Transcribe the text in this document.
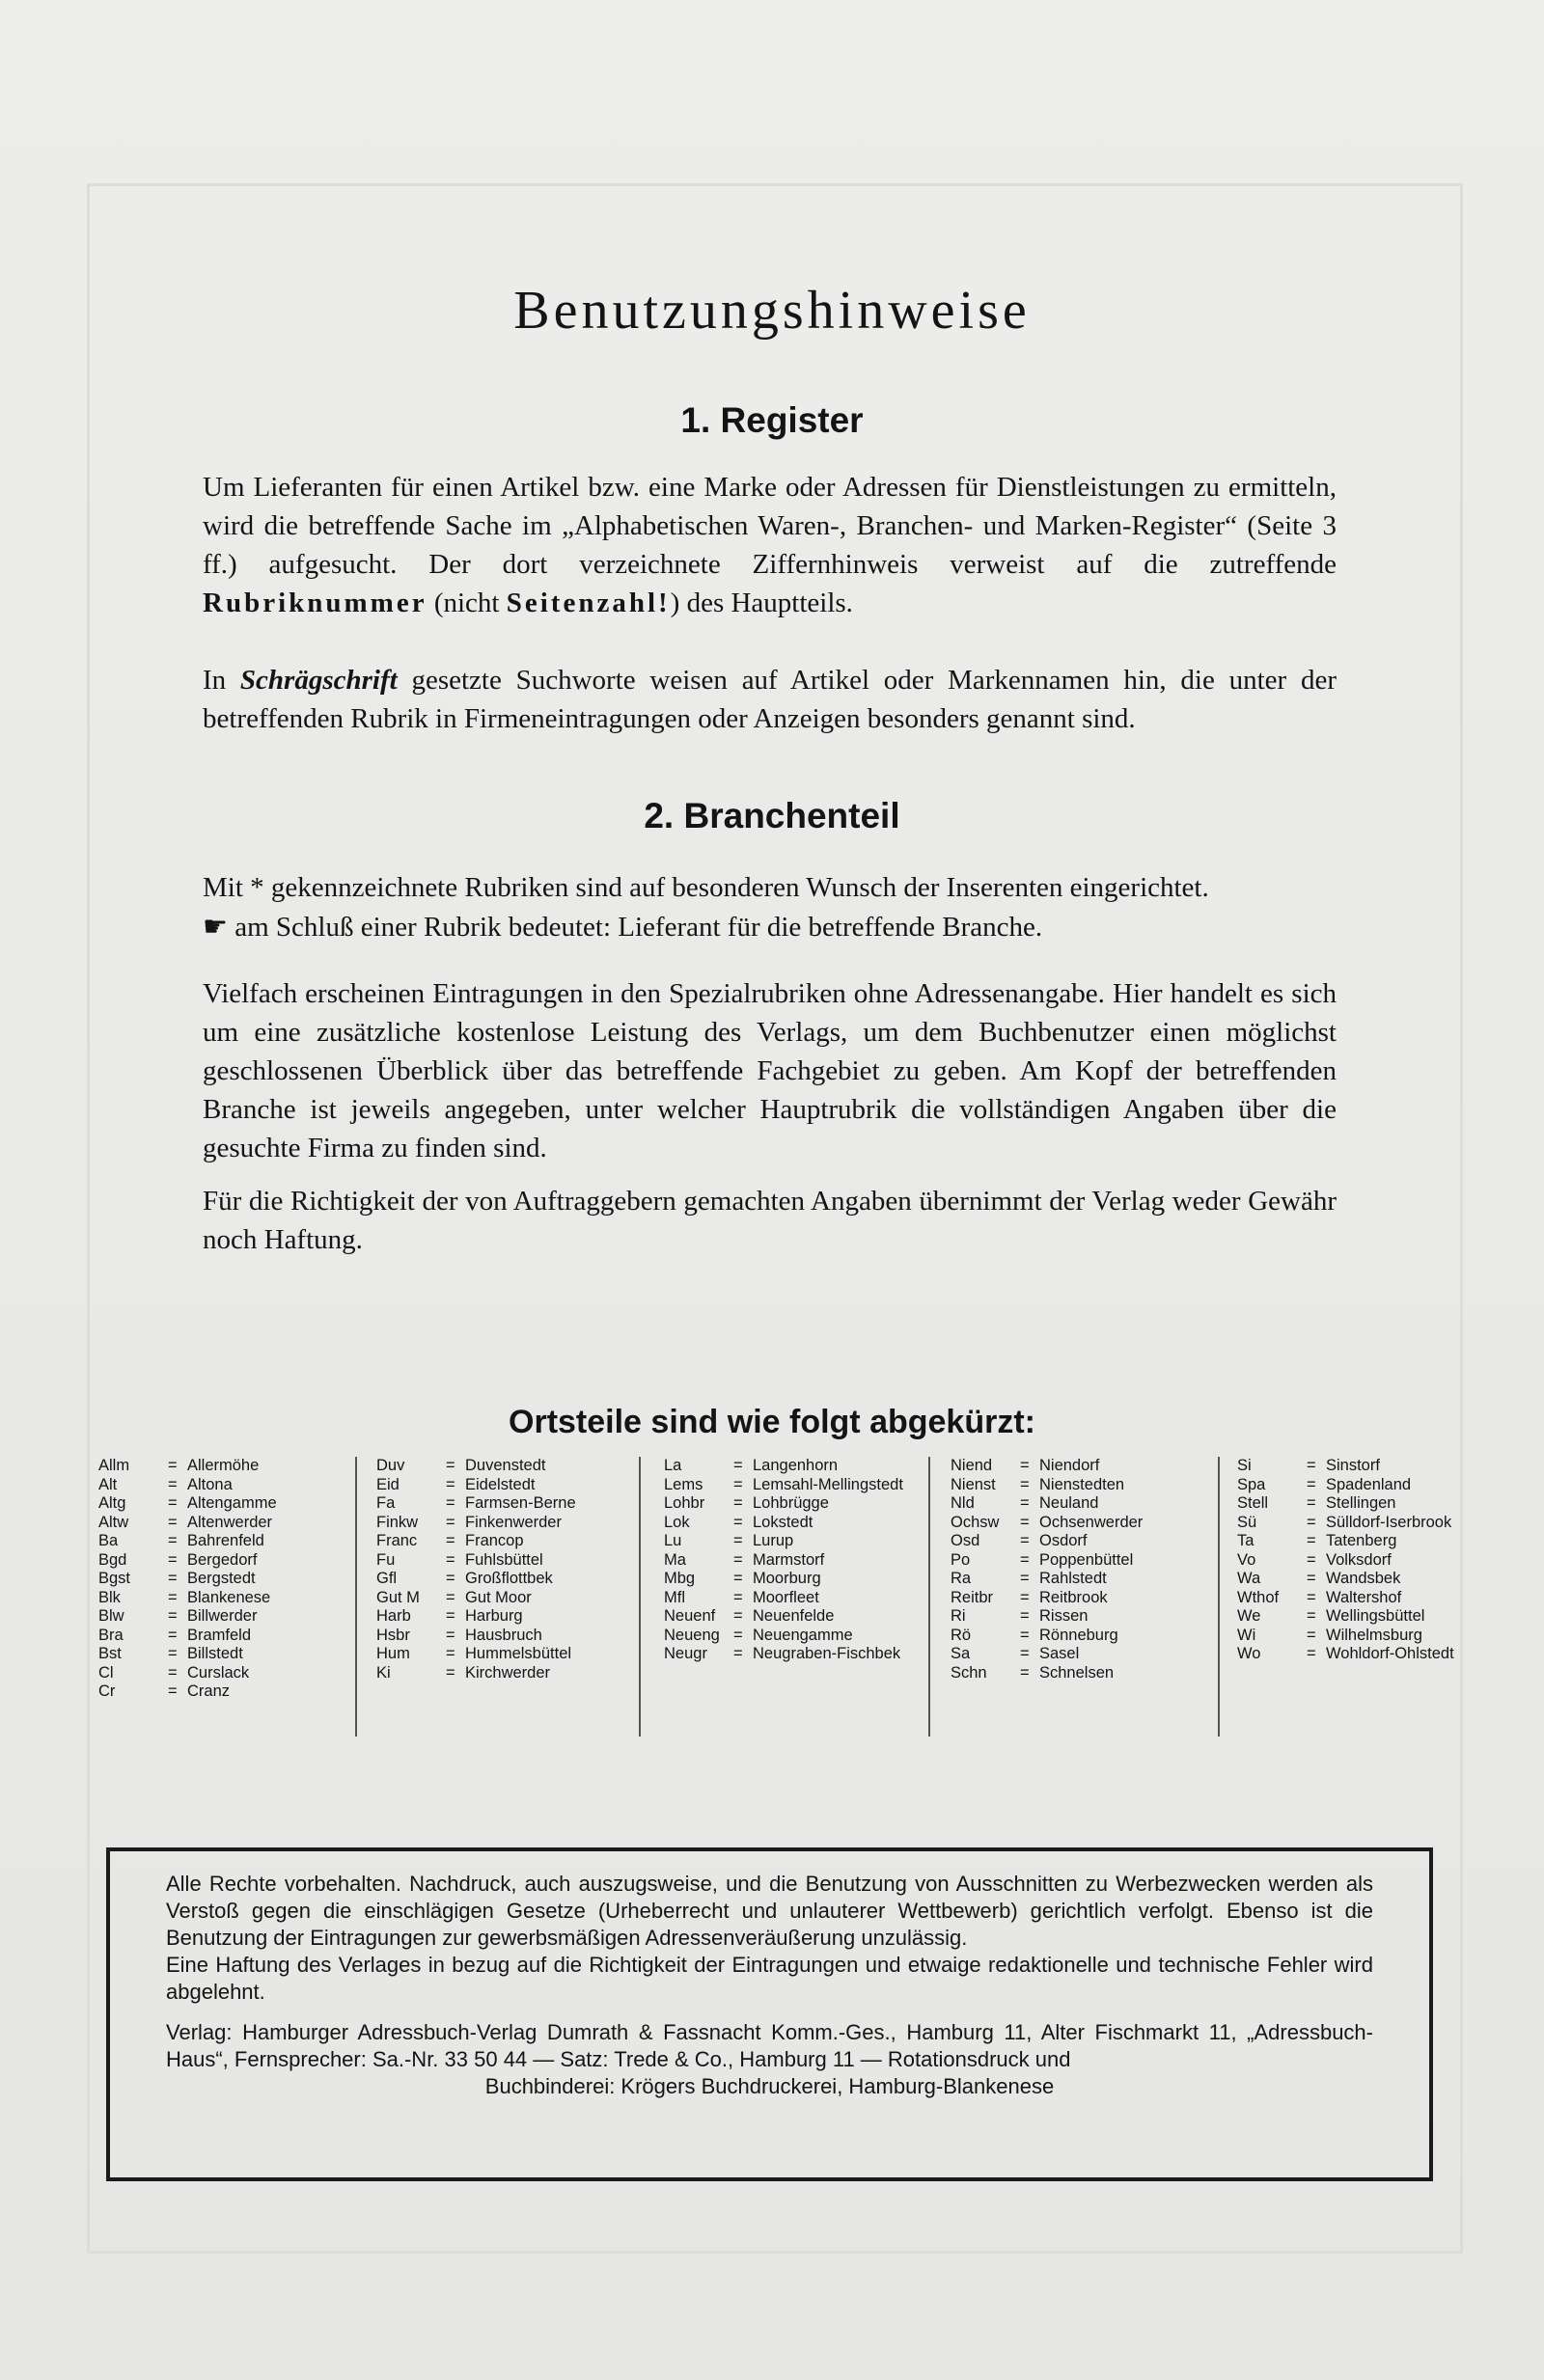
Benutzungshinweise
1. Register

Um Lieferanten für einen Artikel bzw. eine Marke oder Adressen für Dienstleistungen zu ermitteln, wird die betreffende Sache im „Alphabetischen Waren-, Branchen- und Marken-Register“ (Seite 3 ff.) aufgesucht. Der dort verzeichnete Ziffernhinweis verweist auf die zutreffende Rubriknummer (nicht Seitenzahl!) des Hauptteils.

In Schrägschrift gesetzte Suchworte weisen auf Artikel oder Markennamen hin, die unter der betreffenden Rubrik in Firmeneintragungen oder Anzeigen besonders genannt sind.

2. Branchenteil

Mit * gekennzeichnete Rubriken sind auf besonderen Wunsch der Inserenten eingerichtet.
☛ am Schluß einer Rubrik bedeutet: Lieferant für die betreffende Branche.

Vielfach erscheinen Eintragungen in den Spezialrubriken ohne Adressenangabe. Hier handelt es sich um eine zusätzliche kostenlose Leistung des Verlags, um dem Buchbenutzer einen möglichst geschlossenen Überblick über das betreffende Fachgebiet zu geben. Am Kopf der betreffenden Branche ist jeweils angegeben, unter welcher Hauptrubrik die vollständigen Angaben über die gesuchte Firma zu finden sind.

Für die Richtigkeit der von Auftraggebern gemachten Angaben übernimmt der Verlag weder Gewähr noch Haftung.

Ortsteile sind wie folgt abgekürzt:
Allm	= Allermöhe
Alt	= Altona
Altg	= Altengamme
Altw	= Altenwerder
Ba	= Bahrenfeld
Bgd	= Bergedorf
Bgst	= Bergstedt
Blk	= Blankenese
Blw	= Billwerder
Bra	= Bramfeld
Bst	= Billstedt
Cl	= Curslack
Cr	= Cranz
Duv	= Duvenstedt
Eid	= Eidelstedt
Fa	= Farmsen-Berne
Finkw	= Finkenwerder
Franc	= Francop
Fu	= Fuhlsbüttel
Gfl	= Großflottbek
Gut M	= Gut Moor
Harb	= Harburg
Hsbr	= Hausbruch
Hum	= Hummelsbüttel
Ki	= Kirchwerder
La	= Langenhorn
Lems	= Lemsahl-Mellingstedt
Lohbr	= Lohbrügge
Lok	= Lokstedt
Lu	= Lurup
Ma	= Marmstorf
Mbg	= Moorburg
Mfl	= Moorfleet
Neuenf	= Neuenfelde
Neueng = Neuengamme
Neugr	= Neugraben-Fischbek
Niend	= Niendorf
Nienst	= Nienstedten
Nld	= Neuland
Ochsw	= Ochsenwerder
Osd	= Osdorf
Po	= Poppenbüttel
Ra	= Rahlstedt
Reitbr	= Reitbrook
Ri	= Rissen
Rö	= Rönneburg
Sa	= Sasel
Schn	= Schnelsen
Si	= Sinstorf
Spa	= Spadenland
Stell	= Stellingen
Sü	= Sülldorf-Iserbrook
Ta	= Tatenberg
Vo	= Volksdorf
Wa	= Wandsbek
Wthof	= Waltershof
We	= Wellingsbüttel
Wi	= Wilhelmsburg
Wo	= Wohldorf-Ohlstedt

Alle Rechte vorbehalten. Nachdruck, auch auszugsweise, und die Benutzung von Ausschnitten zu Werbezwecken werden als Verstoß gegen die einschlägigen Gesetze (Urheberrecht und unlauterer Wettbewerb) gerichtlich verfolgt. Ebenso ist die Benutzung der Eintragungen zur gewerbsmäßigen Adressenveräußerung unzulässig.

Eine Haftung des Verlages in bezug auf die Richtigkeit der Eintragungen und etwaige redaktionelle und technische Fehler wird abgelehnt.

Verlag: Hamburger Adressbuch-Verlag Dumrath & Fassnacht Komm.-Ges., Hamburg 11, Alter Fischmarkt 11, „Adressbuch-Haus“, Fernsprecher: Sa.-Nr. 33 50 44 — Satz: Trede & Co., Hamburg 11 — Rotationsdruck und

Buchbinderei: Krögers Buchdruckerei, Hamburg-Blankenese
